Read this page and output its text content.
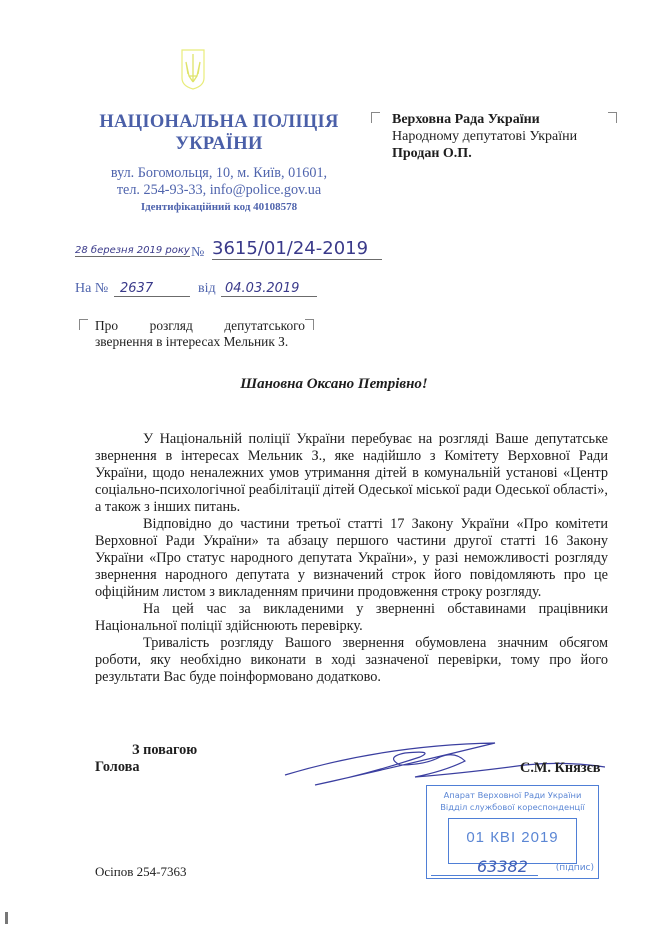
НАЦІОНАЛЬНА ПОЛІЦІЯ
УКРАЇНИ
вул. Богомольця, 10, м. Київ, 01601,
тел. 254-93-33, info@police.gov.ua
Ідентифікаційний код 40108578
Верховна Рада України
Народному депутатові України
Продан О.П.
28 березня 2019 року № 3615/01/24-2019
На № 2637	від 04.03.2019
Про розгляд депутатського звернення в інтересах Мельник З.
Шановна Оксано Петрівно!

У Національній поліції України перебуває на розгляді Ваше депутатське звернення в інтересах Мельник З., яке надійшло з Комітету Верховної Ради України, щодо неналежних умов утримання дітей в комунальній установі «Центр соціально-психологічної реабілітації дітей Одеської міської ради Одеської області», а також з інших питань.

Відповідно до частини третьої статті 17 Закону України «Про комітети Верховної Ради України» та абзацу першого частини другої статті 16 Закону України «Про статус народного депутата України», у разі неможливості розгляду звернення народного депутата у визначений строк його повідомляють про це офіційним листом з викладенням причини продовження строку розгляду.

На цей час за викладеними у зверненні обставинами працівники Національної поліції здійснюють перевірку.

Тривалість розгляду Вашого звернення обумовлена значним обсягом роботи, яку необхідно виконати в ході зазначеної перевірки, тому про його результати Вас буде поінформовано додатково.

З повагою
Голова	С.М. Князєв
Осіпов 254-7363
Апарат Верховної Ради України
Відділ службової кореспонденції
01 КВІ 2019
63382	(підпис)
